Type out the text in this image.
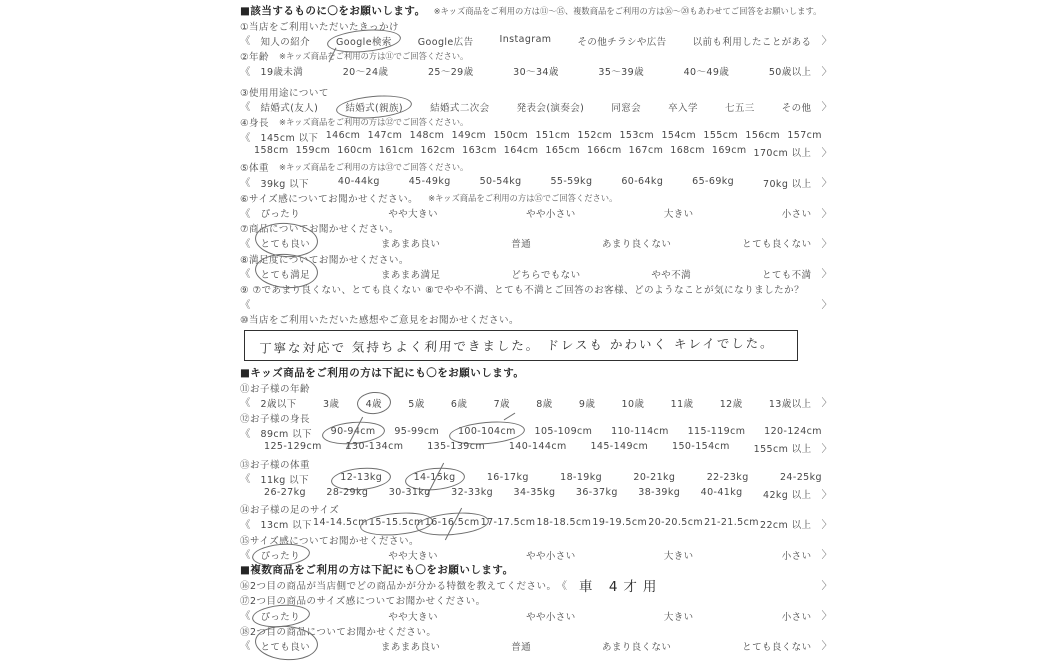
■該当するものに〇をお願いします。 ※キッズ商品をご利用の方は⑪〜⑮、複数商品をご利用の方は⑯〜⑳もあわせてご回答をお願いします。
①当店をご利用いただいたきっかけ
《 知人の紹介	Google検索	Google広告	Instagram	その他チラシや広告	以前も利用したことがある 〉
②年齢 ※キッズ商品をご利用の方は⑪でご回答ください。
《 19歳未満	20〜24歳	25〜29歳	30〜34歳	35〜39歳	40〜49歳	50歳以上 〉
③使用用途について
《 結婚式(友人)	結婚式(親族)	結婚式二次会	発表会(演奏会)	同窓会	卒入学	七五三	その他 〉
④身長 ※キッズ商品をご利用の方は⑫でご回答ください。
《 145cm 以下 146cm 147cm 148cm 149cm 150cm 151cm 152cm 153cm 154cm 155cm 156cm 157cm
158cm 159cm 160cm 161cm 162cm 163cm 164cm 165cm 166cm 167cm 168cm 169cm 170cm 以上 〉
⑤体重 ※キッズ商品をご利用の方は⑬でご回答ください。
《 39kg 以下	40-44kg	45-49kg	50-54kg	55-59kg	60-64kg	65-69kg	70kg 以上 〉
⑥サイズ感についてお聞かせください。 ※キッズ商品をご利用の方は⑮でご回答ください。
《 ぴったり	やや大きい	やや小さい	大きい	小さい 〉
⑦商品についてお聞かせください。
《 とても良い	まあまあ良い	普通	あまり良くない	とても良くない 〉
⑧満足度についてお聞かせください。
《 とても満足	まあまあ満足	どちらでもない	やや不満	とても不満 〉
⑨ ⑦であまり良くない、とても良くない ⑧でやや不満、とても不満とご回答のお客様、どのようなことが気になりましたか？
《	〉
⑩当店をご利用いただいた感想やご意見をお聞かせください。
丁寧な対応で 気持ちよく利用できました。 ドレスも かわいく キレイでした。
■キッズ商品をご利用の方は下記にも〇をお願いします。
⑪お子様の年齢
《 2歳以下	3歳	4歳	5歳	6歳	7歳	8歳	9歳	10歳	11歳	12歳	13歳以上 〉
⑫お子様の身長
《 89cm 以下 90-94cm 95-99cm 100-104cm 105-109cm 110-114cm 115-119cm 120-124cm
125-129cm	130-134cm	135-139cm	140-144cm	145-149cm	150-154cm	155cm 以上 〉
⑬お子様の体重
《 11kg 以下	12-13kg	14-15kg	16-17kg	18-19kg	20-21kg	22-23kg	24-25kg
26-27kg 28-29kg 30-31kg 32-33kg 34-35kg 36-37kg 38-39kg 40-41kg 42kg 以上 〉
⑭お子様の足のサイズ
《 13cm 以下 14-14.5cm 15-15.5cm 16-16.5cm 17-17.5cm 18-18.5cm 19-19.5cm 20-20.5cm 21-21.5cm 22cm 以上 〉
⑮サイズ感についてお聞かせください。
《 ぴったり	やや大きい	やや小さい	大きい	小さい 〉
■複数商品をご利用の方は下記にも〇をお願いします。
⑯2つ目の商品が当店側でどの商品かが分かる特徴を教えてください。 《 車 4才用	〉
⑰2つ目の商品のサイズ感についてお聞かせください。
《 ぴったり	やや大きい	やや小さい	大きい	小さい 〉
⑱2つ目の商品についてお聞かせください。
《 とても良い	まあまあ良い	普通	あまり良くない	とても良くない 〉
